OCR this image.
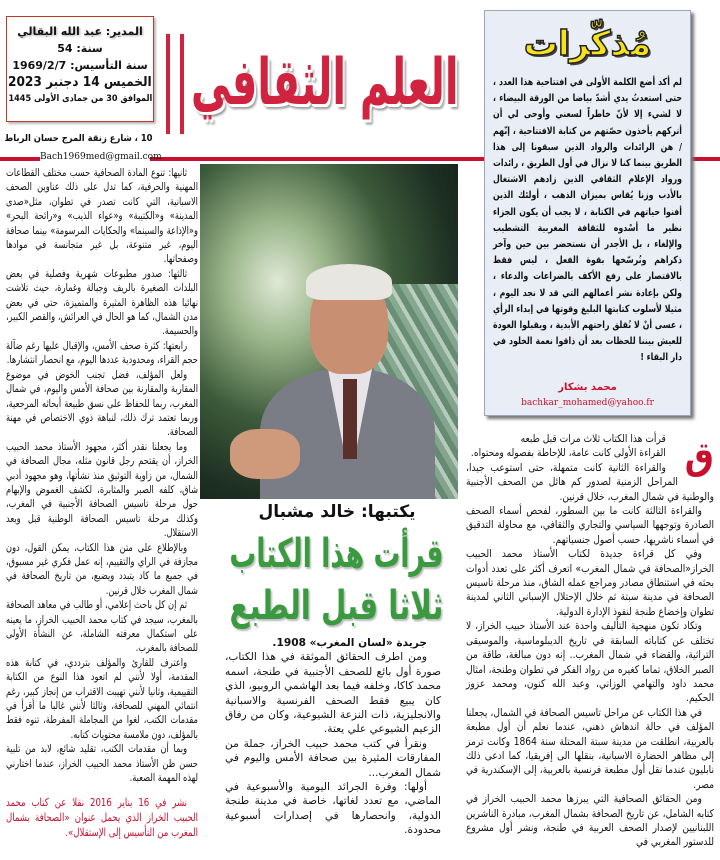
المدير: عبد الله البقالي
سنة: 54
سنة التأسيس: 1969/2/7
الخميس 14 دجنبر 2023
الموافق 30 من جمادى الأولى 1445
10 ، شارع زنقة المرج حسان الرباط
العلم الثقافي
Bach1969med@gmail.com

ثانيها: تنوع المادة الصحافية حسب مختلف القطاعات المهنية والحرفية، كما تدل على ذلك عناوين الصحف الاسبانية، التي كانت تصدر في تطوان، مثل«صدى المدينة» و«الكتيبة» و«عواء الذيب» و«رائحة البحر» و«الإذاعة والسينما» والحكايات المرسومة» بينما صحافة اليوم، غير متنوعة، بل غير متجانسة في موادها وصفحاتها.

ثالثها: صدور مطبوعات شهرية وفصلية في بعض البلدات الصغيرة بالريف وجبالة وغمارة، حيث تلاشت نهائيا هذه الظاهرة المثيرة والمتميزة، حتى في بعض مدن الشمال، كما هو الحال في العرائش، والقصر الكبير، والحسيمة.

رابعتها: كثرة صحف الأمس، والإقبال عليها رغم ضآلة حجم القراء، ومحدودية عددها اليوم، مع انحصار انتشارها.

ولعل المؤلف، فضل تجنب الخوض في موضوع المقاربة والمقارنة بين صحافة الأمس واليوم، في شمال المغرب، ربما للحفاظ على نسق طبيعة أبحاثه المرجعية، وربما تعتمد ترك ذلك، لنباهة ذوي الاختصاص في مهنة الصحافة.

وما يجعلنا نقدر أكثر، مجهود الأستاذ محمد الحبيب الخراز، أن يقتحم رجل قانون مثله، مجال الصحافة في الشمال، من زاوية التوثيق منذ نشأتها، وهو مجهود أدبي شاق، كلفه الصبر والمثابرة، لكشف الغموض والإبهام حول مرحلة تاسيس الصحافة الأجنبية في المغرب، وكذلك مرحلة تاسيس الصحافة الوطنية قبل وبعد الاستقلال.

وبالإطلاع على متن هذا الكتاب، يمكن القول، دون مجازفة في الراي والتقييم، إنه عمل فكري غير مسبوق، في جميع ما كاد يتبدد ويضيع، من تاريخ الصحافة في شمال المغرب خلال قرنين.

ثم إن كل باحث إعلامي، أو طالب في معاهد الصحافة بالمغرب، سيجد في كتاب محمد الحبيب الخراز، ما يعينه على استكمال معرفته الشاملة، عن النشأة الأولى للصحافة بالمغرب.

واعترف للقارئ والمؤلف بترددي، في كتابة هذه المقدمة، أولا لأنني لم اتعود هذا النوع من الكتابة التقييمية، وثانيا لأنني تهيبت الاقتراب من إنجاز كبير، رغم انتمائي المهني للصحافة، وثالثا لأنني غالبا ما أقرأ في مقدمات الكتب، لغوا من المجاملة المفرطة، تنوه فقط بالمؤلف، دون ملامسة محتويات كتابه.

وبما أن مقدمات الكتب، تقليد شائع، لابد من تلبية حسن ظن الأستاذ محمد الحبيب الخراز، عندما اختارني لهذه المهمة الصعبة.

نشر في 16 يناير 2016 نقلا عن كتاب محمد الحبيب الخراز الذي يحمل عنوان «الصحافة بشمال المغرب من التأسيس إلى الإستقلال».

مُذكّرات
لم أكد أضع الكلمة الأولى في افتتاحية هذا العدد ، حتى استعدتُ يدي أشدّ بياضا من الورقة البيضاء ، لا لشيء إلا لأنّ خاطراً لسعني وأوحى لي أن أتركهم يأخذون حصّتهم من كتابة الافتتاحية ، إنّهم / هن الرائدات والرواد الذين سبقونا إلى هذا الطريق بينما كنا لا نزال في أول الطريق ، رائدات ورواد الإعلام الثقافي الذين زادهم الاشتغال بالأدب وزنا يُقاس بميزان الذهب ، أولئك الذين أفنوا حياتهم في الكتابة ، لا يجب أن يكون الجزاء نظير ما أسْدوه للثقافة المغربية التشطيب والإلغاء ، بل الأجدر أن نستحضر بين حين وآخر ذكراهم ونُرسّخها بقوة الفعل ، ليس فقط بالاقتصار على رفع الأكف بالضراعات والدعاء ، ولكن بإعادة نشر أعمالهم التي قد لا نجد اليوم ، مثيلا لأسلوب كتابتها البليغ وقوتها في إبداء الرأي ، عسى أنْ لا نُقلق راحتهم الأبدية ، ويقبلوا العودة للعيش بيننا للحظات بعد أن ذاقوا نعمة الخلود في دار البقاء !
محمد بشكار
bachkar_mohamed@yahoo.fr
يكتبها: خالد مشبال
قرأت هذا الكتاب
ثلاثا قبل الطبع

جريدة «لسان المغرب» 1908.

ومن اطرف الحقائق الموثقة في هذا الكتاب، صورة أول بائع للصحف الأجنبية في طنجة، اسمه محمد كاكا، وخلفه فيما بعد الهاشمي الروبيو، الذي كان يبيع فقط الصحف الفرنسية والاسبانية والانجليزية، ذات النزعة الشيوعية، وكان من رفاق الزعيم الشيوعي علي يعتة.

ونقرأ في كتب محمد حبيب الخراز، جملة من المفارقات المثيرة بين صحافة الأمس واليوم في شمال المغرب...

أولها: وفرة الجرائد اليومية والأسبوعية في الماضي، مع تعدد لغاتها، خاصة في مدينة طنجة الدولية، وانحصارها في إصدارات أسبوعية محدودة.

ق

قرأت هذا الكتاب ثلاث مرات قبل طبعه

القراءة الأولى كانت عامة، للإحاطة بفصوله ومحتواه.

والقراءة الثانية كانت متمهلة، حتى استوعب جيدا، المراحل الزمنية لصدور كم هائل من الصحف الأجنبية والوطنية في شمال المغرب، خلال قرنين.

والقراءة الثالثة كانت ما بين السطور، لفحص أسماء الصحف الصادرة وتوجهها السياسي والتجاري والثقافي، مع محاولة التدقيق في أسماء ناشريها، حسب أصول جنسياتهم.

وفي كل قراءة جديدة لكتاب الأستاذ محمد الحبيب الخراز«الصحافة في شمال المغرب» اتعرف أكثر على تعدد أدوات بحثه في استنطاق مصادر ومراجع عمله الشاق، منذ مرحلة تاسيس الصحافة في مدينة سبتة ثم خلال الإحتلال الإسباني الثاني لمدينة تطوان وإخضاع طنجة لنفوذ الإدارة الدولية.

وتكاد تكون منهجية التأليف واحدة عند الأستاذ حبيب الخراز، لا تختلف عن كتاباته السابقة في تاريخ الديبلوماسية، والموسيقى التراثية، والقضاء في شمال المغرب.. إنه دون مبالغة، طاقة من الصبر الخلاق، تماما كغيره من رواد الفكر في تطوان وطنجة، امثال محمد داود والتهامي الوزاني، وعبد الله كنون، ومحمد عزوز الحكيم.

في هذا الكتاب عن مراحل تاسيس الصحافة في الشمال، يجعلنا المؤلف في حالة اندهاش ذهني، عندما نعلم أن أول مطبعة بالعربية، انطلقت من مدينة سبتة المحتلة سنة 1864 وكانت ترمز إلى مظاهر الحضارة الاسبانية، بنقلها الى إفريقيا، كما ادعى ذلك نابليون عندما نقل أول مطبعة فرنسية بالعربية، إلى الإسكندرية في مصر.

ومن الحقائق الصحافية التي يبرزها محمد الحبيب الخراز في كتابه الشامل، عن تاريخ الصحافة بشمال المغرب، مبادرة الناشرين اللبنانيين لإصدار الصحف العربية في طنجة، ونشر أول مشروع للدستور المغربي في
